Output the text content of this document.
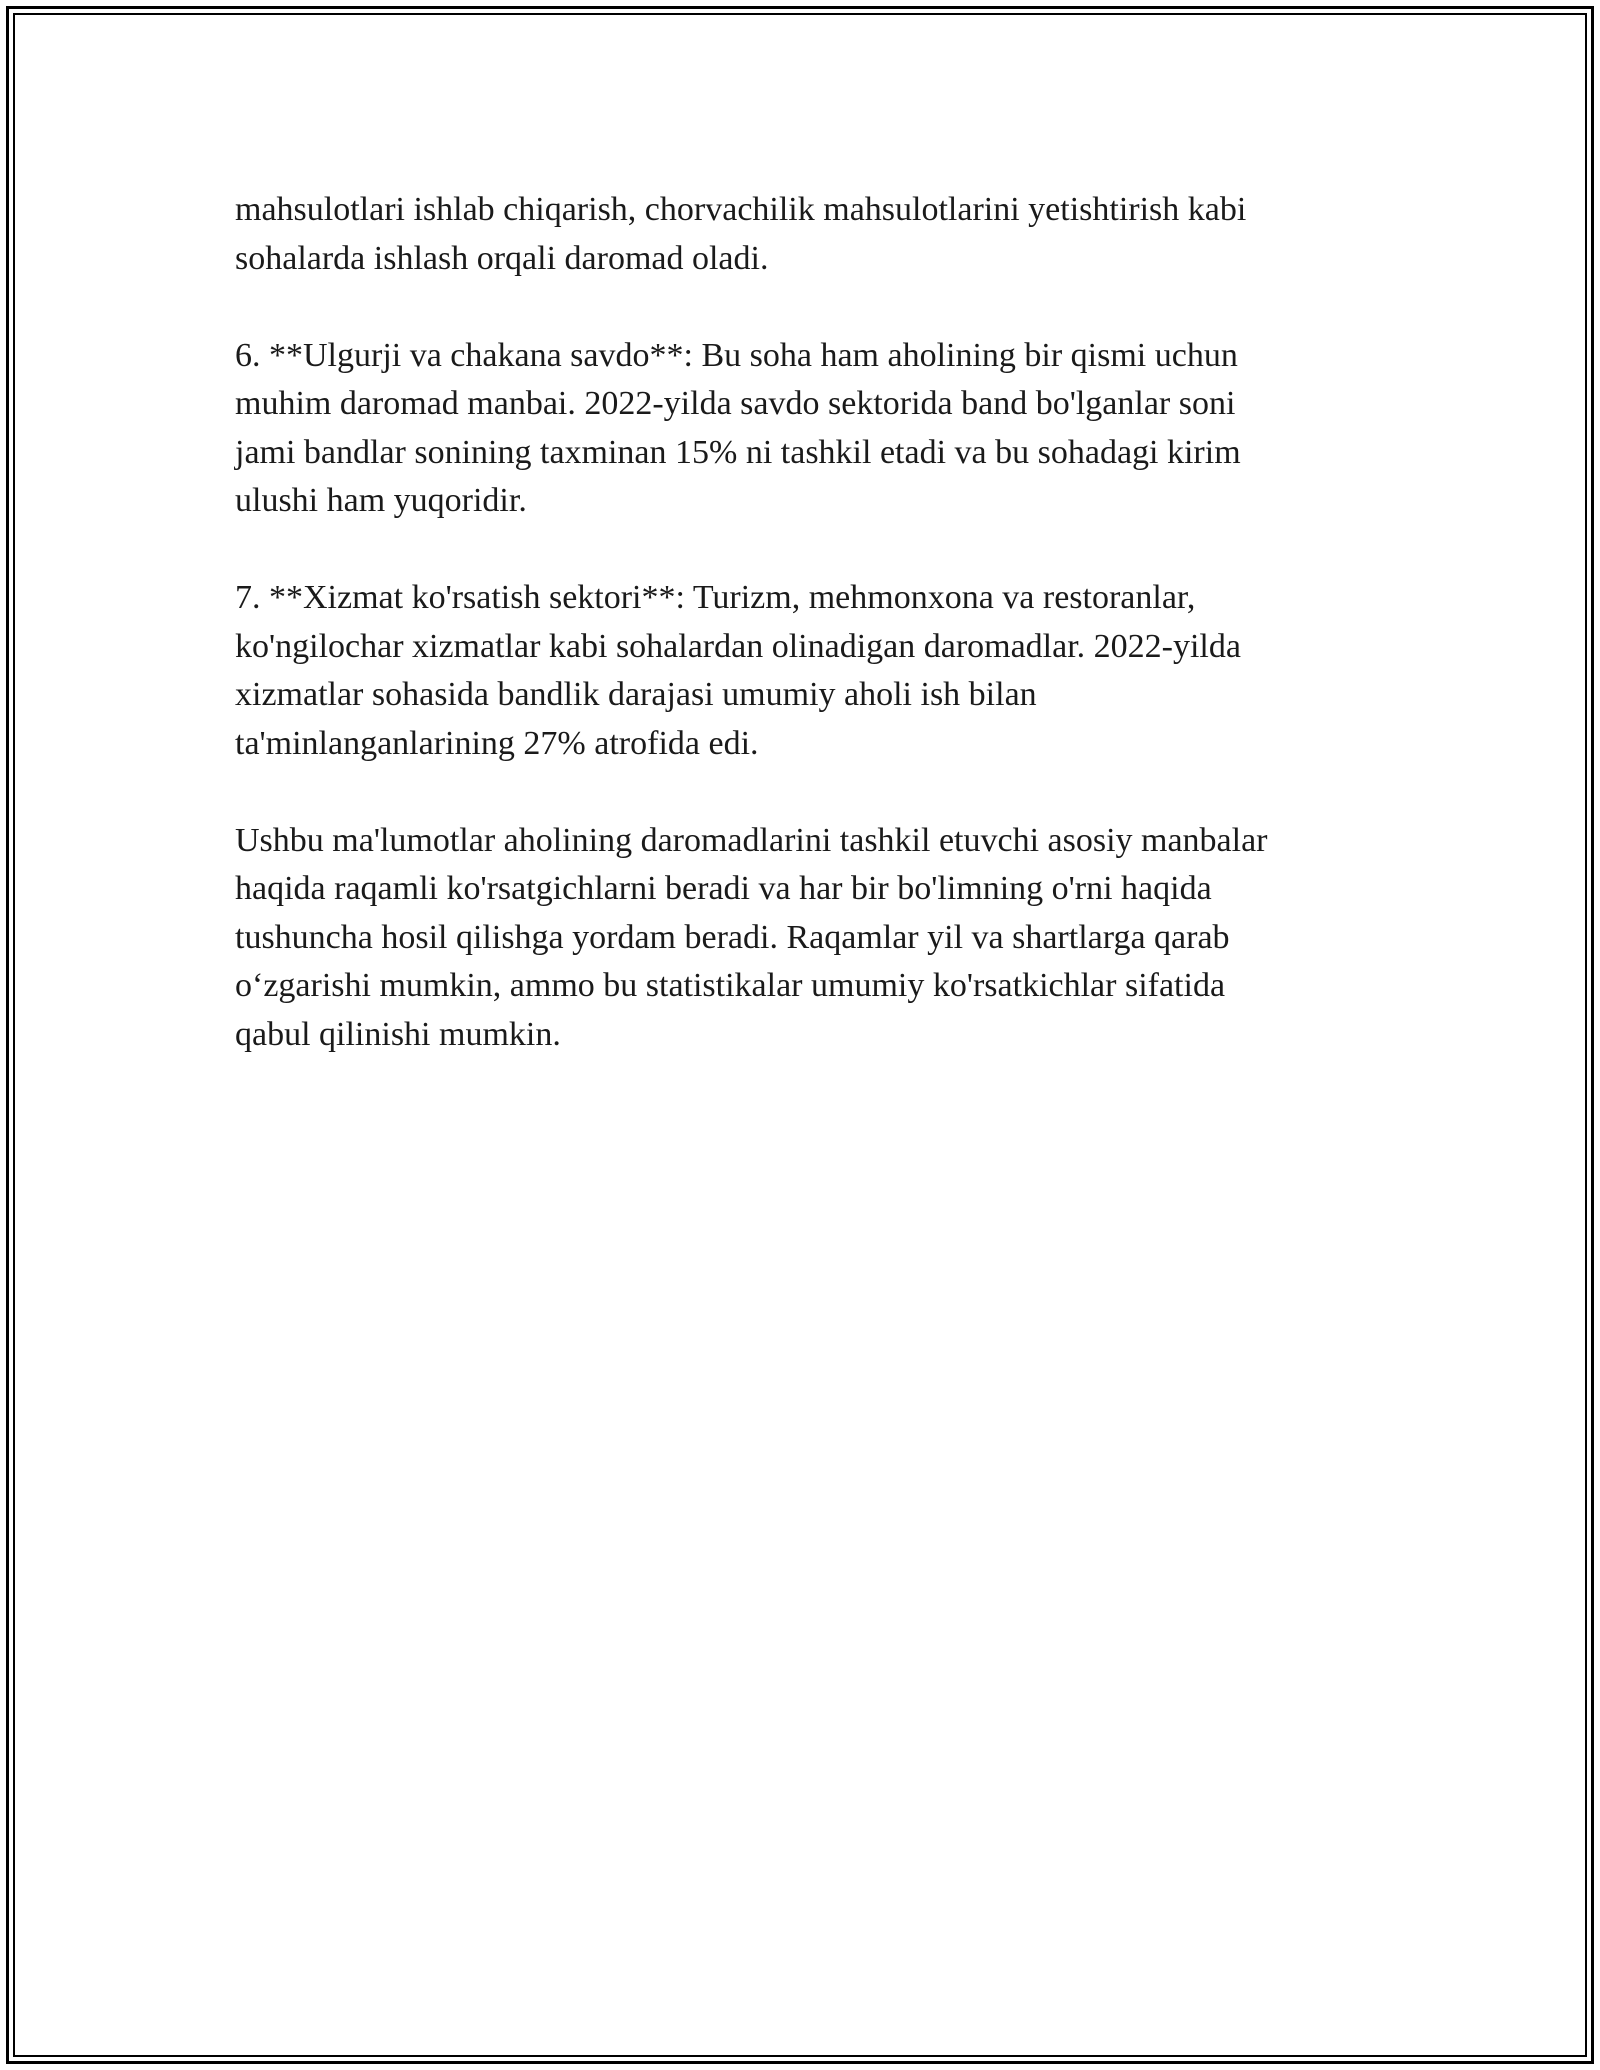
mahsulotlari ishlab chiqarish, chorvachilik mahsulotlarini yetishtirish kabi
sohalarda ishlash orqali daromad oladi.

6. **Ulgurji va chakana savdo**: Bu soha ham aholining bir qismi uchun
muhim daromad manbai. 2022-yilda savdo sektorida band bo'lganlar soni
jami bandlar sonining taxminan 15% ni tashkil etadi va bu sohadagi kirim
ulushi ham yuqoridir.

7. **Xizmat ko'rsatish sektori**: Turizm, mehmonxona va restoranlar,
ko'ngilochar xizmatlar kabi sohalardan olinadigan daromadlar. 2022-yilda
xizmatlar sohasida bandlik darajasi umumiy aholi ish bilan
ta'minlanganlarining 27% atrofida edi.

Ushbu ma'lumotlar aholining daromadlarini tashkil etuvchi asosiy manbalar
haqida raqamli ko'rsatgichlarni beradi va har bir bo'limning o'rni haqida
tushuncha hosil qilishga yordam beradi. Raqamlar yil va shartlarga qarab
o‘zgarishi mumkin, ammo bu statistikalar umumiy ko'rsatkichlar sifatida
qabul qilinishi mumkin.
